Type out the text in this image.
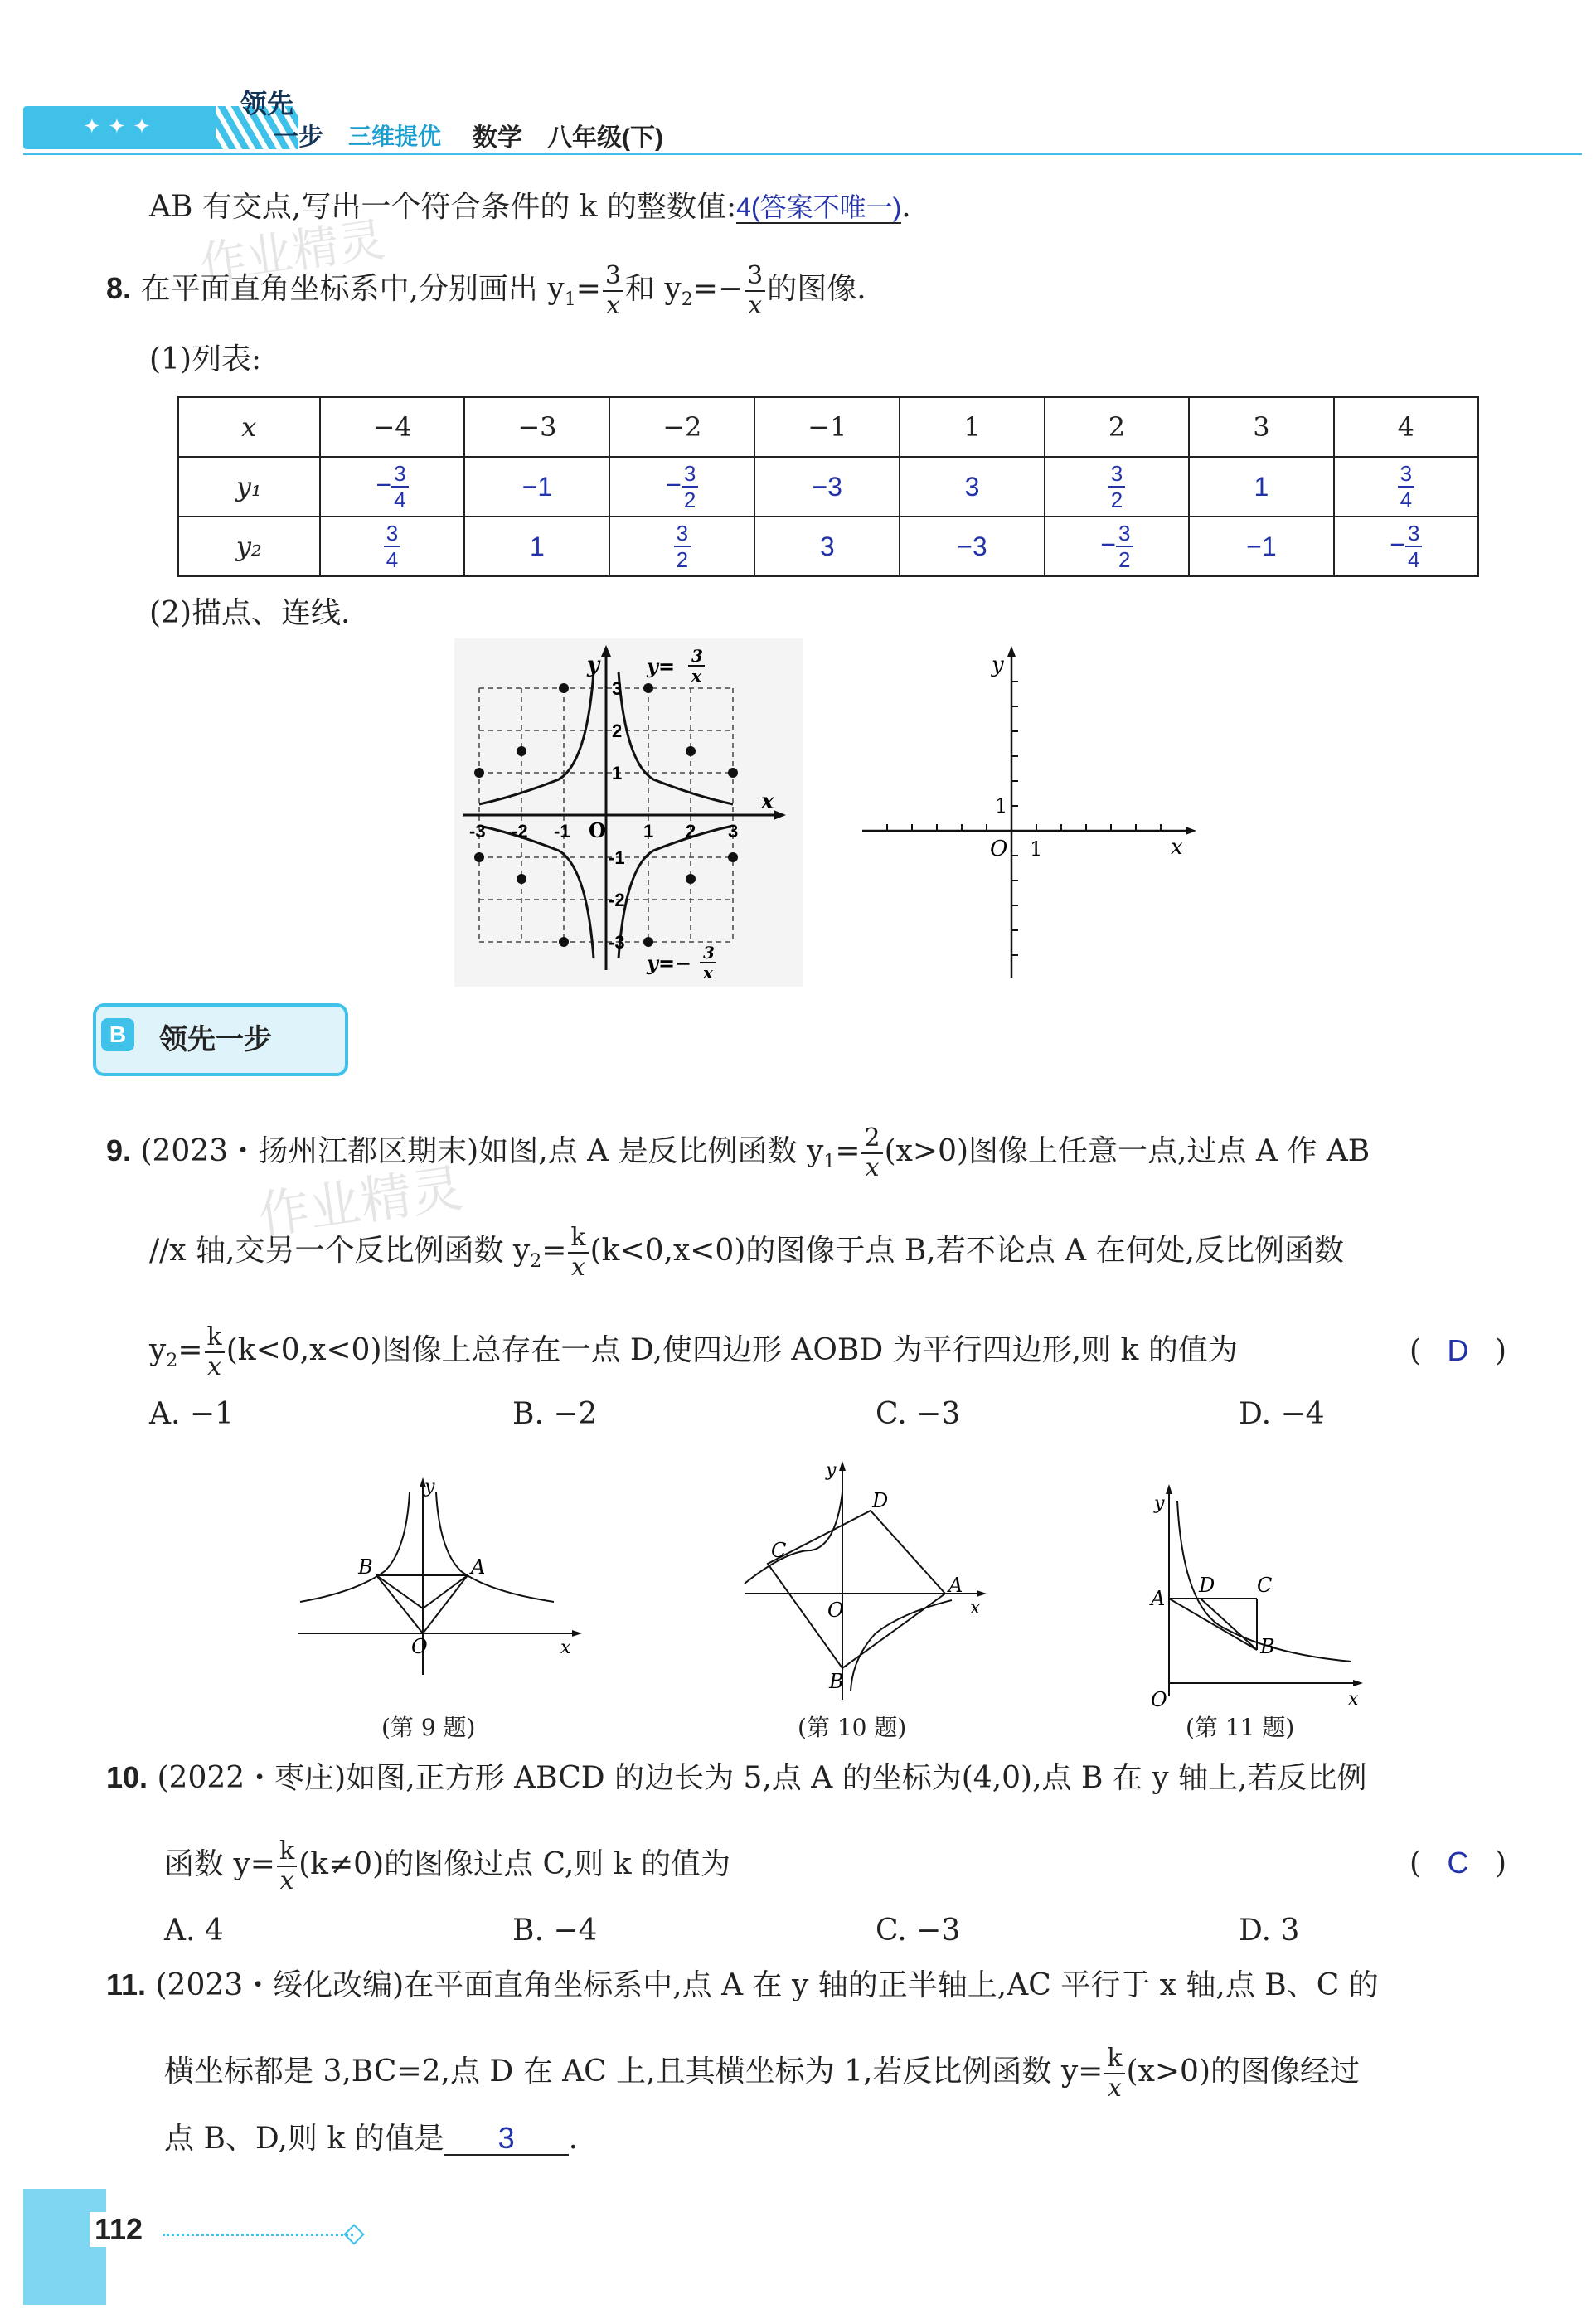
✦ ✦ ✦
领先
一步 三维提优 数学 八年级(下)
AB 有交点,写出一个符合条件的 k 的整数值:4(答案不唯一).
作业精灵
8. 在平面直角坐标系中,分别画出 $y_1= \frac{3}{x}$ 和 $y_2=- \frac{3}{x}$ 的图像.
(1)列表:
x	−4	−3	−2	−1	1	2	3	4
y₁	− $\frac{3}{4}$	−1	− $\frac{3}{2}$	−3	3	$\frac{3}{2}$	1	$\frac{3}{4}$

y₂	$\frac{3}{4}$	1	$\frac{3}{2}$	3	−3	− $\frac{3}{2}$	−1	− $\frac{3}{4}$
(2)描点、连线.
y
x
O
-3 -2 -1	1 2 3
3
2
1
-1
-2
-3
y= 3
x
y=− 3
x
y
x
O 1
1
B 领先一步
9. (2023・扬州江都区期末)如图,点 A 是反比例函数 $y_1= \frac{2}{x} (x>0)$图像上任意一点,过点 A 作 AB
作业精灵
//x 轴,交另一个反比例函数 $y_2= \frac{k}{x} (k<0,x<0)$的图像于点 B,若不论点 A 在何处,反比例函数
$y_2= \frac{k}{x} (k<0,x<0)$图像上总存在一点 D,使四边形 AOBD 为平行四边形,则 k 的值为	( D )
A. −1	B. −2	C. −3	D. −4
y
x
O
A
B
(第 9 题)
y
x
O
A
B
C
D
(第 10 题)
y
x
O
A
B
C
D
(第 11 题)
10. (2022・枣庄)如图,正方形 ABCD 的边长为 5,点 A 的坐标为(4,0),点 B 在 y 轴上,若反比例
函数 $y= \frac{k}{x} (k\ne 0)$的图像过点 C,则 k 的值为	( C )
A. 4	B. −4	C. −3	D. 3
11. (2023・绥化改编)在平面直角坐标系中,点 A 在 y 轴的正半轴上,AC 平行于 x 轴,点 B、C 的
横坐标都是 3,BC=2,点 D 在 AC 上,且其横坐标为 1,若反比例函数 $y= \frac{k}{x} (x>0)$的图像经过
点 B、D,则 k 的值是 3 .
112
